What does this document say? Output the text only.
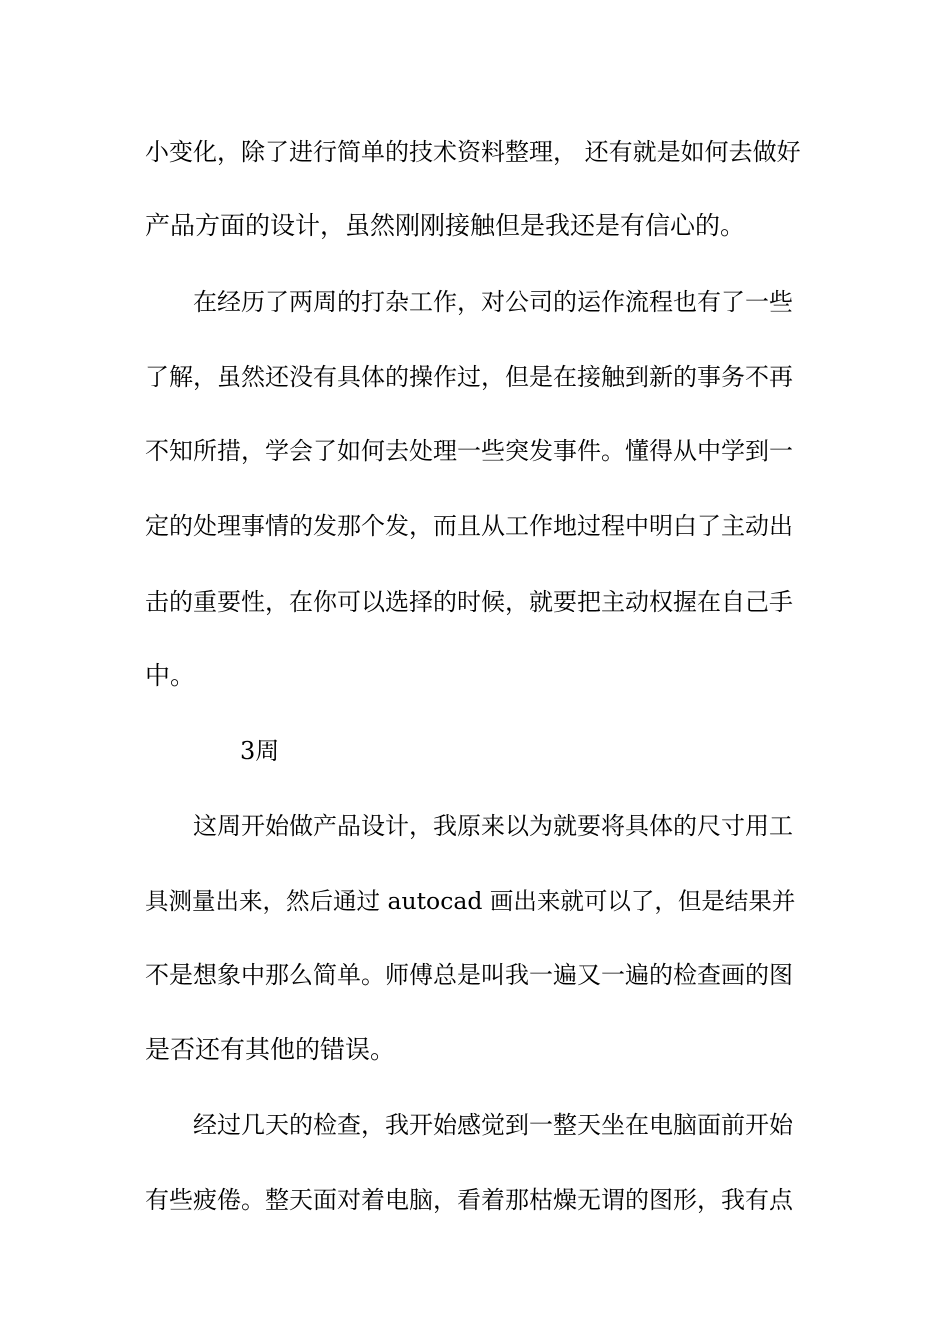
小变化，除了进行简单的技术资料整理， 还有就是如何去做好
产品方面的设计，虽然刚刚接触但是我还是有信心的。
在经历了两周的打杂工作，对公司的运作流程也有了一些
了解，虽然还没有具体的操作过，但是在接触到新的事务不再
不知所措，学会了如何去处理一些突发事件。懂得从中学到一
定的处理事情的发那个发，而且从工作地过程中明白了主动出
击的重要性，在你可以选择的时候，就要把主动权握在自己手
中。
3周
这周开始做产品设计，我原来以为就要将具体的尺寸用工
具测量出来，然后通过 autocad 画出来就可以了，但是结果并
不是想象中那么简单。师傅总是叫我一遍又一遍的检查画的图
是否还有其他的错误。
经过几天的检查，我开始感觉到一整天坐在电脑面前开始
有些疲倦。整天面对着电脑，看着那枯燥无谓的图形，我有点
